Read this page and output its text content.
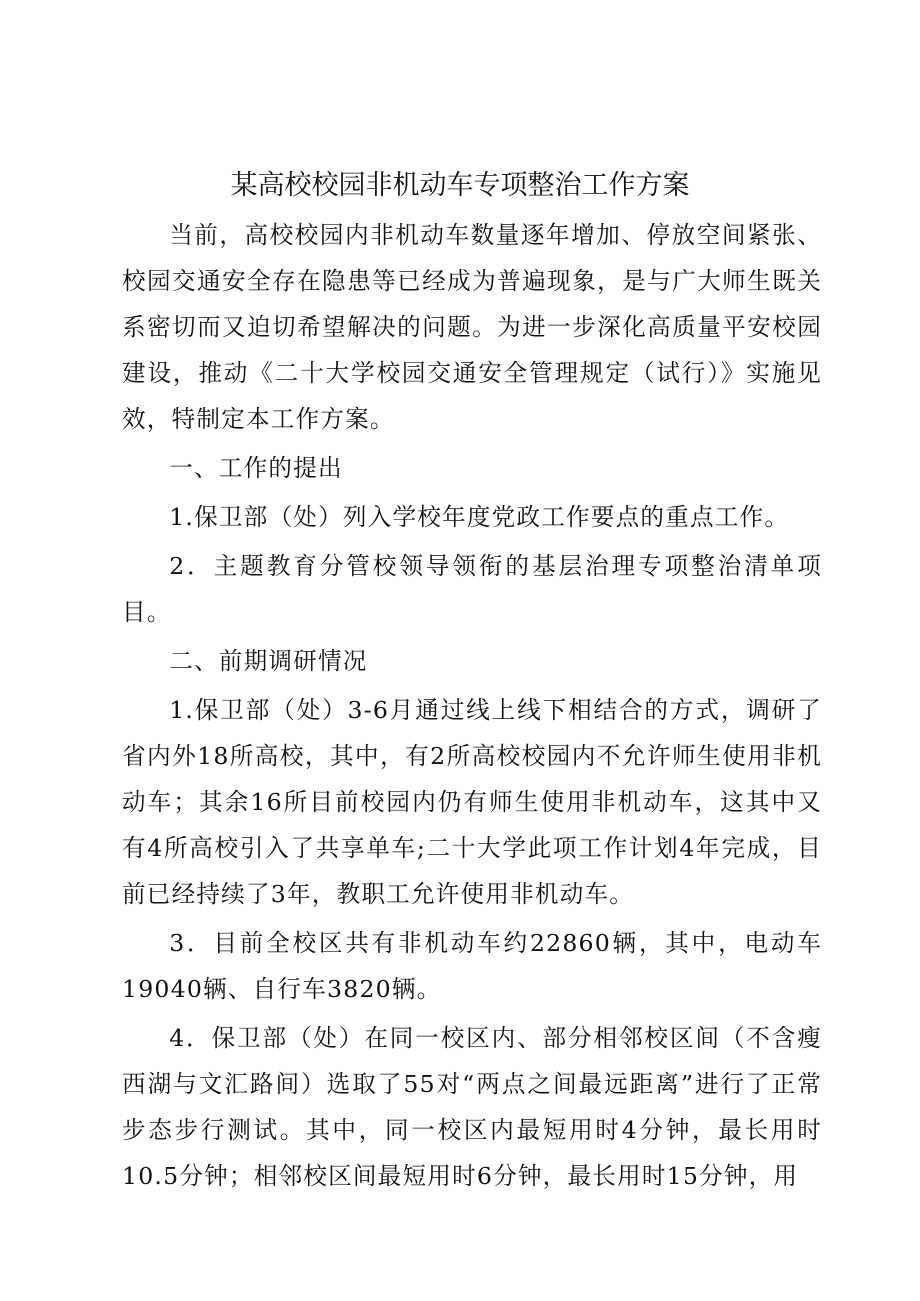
某高校校园非机动车专项整治工作方案

当前，高校校园内非机动车数量逐年增加、停放空间紧张、校园交通安全存在隐患等已经成为普遍现象，是与广大师生既关系密切而又迫切希望解决的问题。为进一步深化高质量平安校园建设，推动《二十大学校园交通安全管理规定（试行）》实施见效，特制定本工作方案。

一、工作的提出

1.保卫部（处）列入学校年度党政工作要点的重点工作。

2．主题教育分管校领导领衔的基层治理专项整治清单项目。

二、前期调研情况

1.保卫部（处）3-6月通过线上线下相结合的方式，调研了省内外18所高校，其中，有2所高校校园内不允许师生使用非机动车；其余16所目前校园内仍有师生使用非机动车，这其中又有4所高校引入了共享单车;二十大学此项工作计划4年完成，目前已经持续了3年，教职工允许使用非机动车。

3．目前全校区共有非机动车约22860辆，其中，电动车19040辆、自行车3820辆。

4．保卫部（处）在同一校区内、部分相邻校区间（不含瘦西湖与文汇路间）选取了55对“两点之间最远距离”进行了正常步态步行测试。其中，同一校区内最短用时4分钟，最长用时10.5分钟；相邻校区间最短用时6分钟，最长用时15分钟，用
